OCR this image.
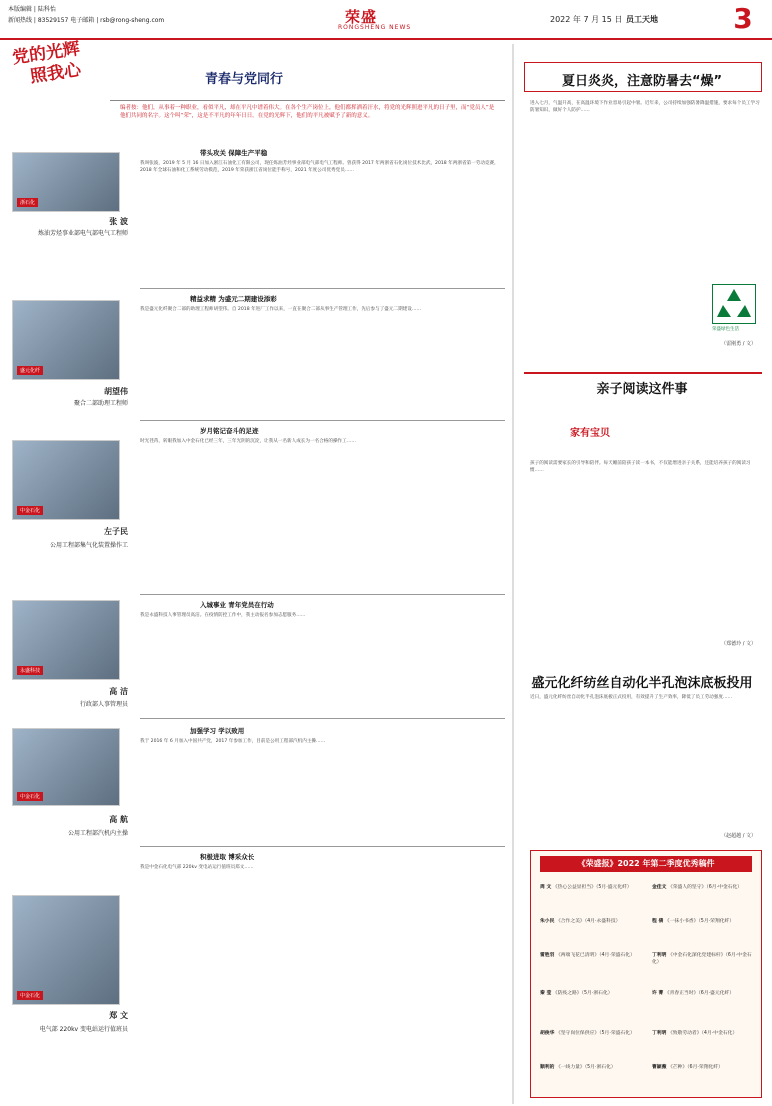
本版编辑 | 陆科怡
新闻热线 | 83529157 电子邮箱 | rsb@rong-sheng.com	荣盛
RONGSHENG NEWS
2022 年 7 月 15 日 员工天地	3
党的光辉
照我心	青春与党同行
编者按：他们，从事着一种职业，看似平凡，却在平凡中谱着伟大。在各个生产岗位上，他们都挥洒着汗水，将党的光辉照进平凡的日子里，而“党员人”是他们共同的名字。这个叫“荣”，这是不平凡的年年日日。在党的光辉下，他们的平凡被赋予了新的意义。
浙石化
张 波
炼油芳烃事业部电气部电气工程师
带头攻关 保障生产平稳
我叫张波，2019 年 5 月 16 日加入浙江石油化工有限公司，现任炼油芳烃事业部电气部电气工程师。曾获得 2017 年两浙省石化岗位技术比武，2018 年两浙省第一劳动竞赛，2018 年全球石油和化工系统劳动模范，2019 年荣获浙江省岗位能手称号，2021 年度公司优秀党员……
盛元化纤
胡望伟
聚合二部助理工程师
精益求精 为盛元二期建设添彩
我是盛元化纤聚合二部的助理工程师胡望伟。自 2018 年进厂工作以来，一直在聚合二部从事生产管理工作，先后参与了盛元二期建设……
中金石化
左子民
公用工程部集气化装置操作工
岁月铭记奋斗的足迹
时光荏苒，转眼我加入中金石化已经三年，三年光阴的沉淀，让我从一名新人成长为一名合格的操作工……
永盛科技
高 洁
行政部人事管理员
入城事业 青年党员在行动
我是永盛科技人事管理员高洁。在疫情防控工作中，我主动报名参加志愿服务……
中金石化
高 航
公用工程部汽机内主操
加强学习 学以致用
我于 2016 年 6 月加入中国共产党，2017 年参加工作，目前是公用工程部汽机内主操……
中金石化
郑 文
电气部 220kv 变电站运行值班员
积极进取 博采众长
我是中金石化电气部 220kv 变电站运行值班员郑文……
夏日炎炎，注意防暑去“燥”
进入七月，气温升高，在高温环境下作业容易引起中暑。近年来，公司持续加强防暑降温措施，要求每个员工学习防暑知识，做好个人防护……
荣盛绿色生活
（雷刚勇 / 文）
亲子阅读这件事
家有宝贝
孩子的阅读需要家长的引导和陪伴。每天睡前陪孩子读一本书，不仅能增进亲子关系，还能培养孩子的阅读习惯……
（郑德玲 / 文）
盛元化纤纺丝自动化半孔泡沫底板投用
近日，盛元化纤纺丝自动化半孔泡沫底板正式投用，有效提升了生产效率，降低了员工劳动强度……
（赵超越 / 文）
《荣盛报》2022 年第二季度优秀稿件
周 文 《热心公益显担当》（5月·盛元化纤）	金佳文 《荣盛人的坚守》（6月·中金石化）
朱小民 《合作之美》（4月·永盛科技）	程 倩 《一抹小书香》（5月·荣翔化纤）
雷胜羽 《两端飞花已清明》（4月·荣盛石化）	丁利明 《中金石化深化党建标杆》（6月·中金石化）
秦 莹 《防疫之路》（5月·浙石化）	许 菁 《青春正当时》（6月·盛元化纤）
胡俊华 《坚守岗位保供应》（5月·荣盛石化）	丁利明 《致敬劳动者》（4月·中金石化）
顺利的 《一线力量》（5月·浙石化）	曹颖薇 《芒种》（6月·荣翔化纤）
